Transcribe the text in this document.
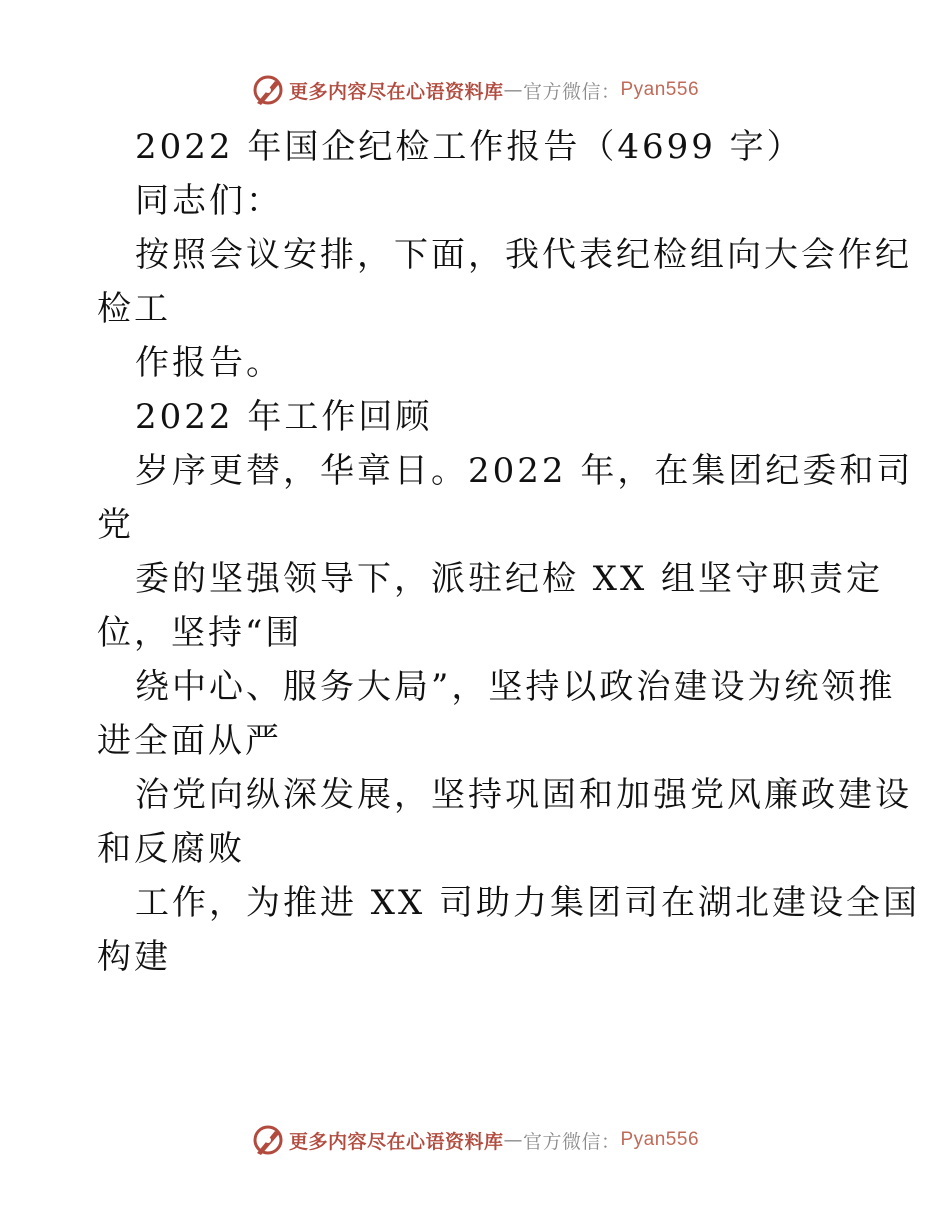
更多内容尽在心语资料库 — 官方微信： Pyan556
2022 年国企纪检工作报告（4699 字）
同志们：
按照会议安排，下面，我代表纪检组向大会作纪
检工
作报告。
2022 年工作回顾
岁序更替，华章日。2022 年，在集团纪委和司
党
委的坚强领导下，派驻纪检 XX 组坚守职责定
位，坚持“围
绕中心、服务大局”，坚持以政治建设为统领推
进全面从严
治党向纵深发展，坚持巩固和加强党风廉政建设
和反腐败
工作，为推进 XX 司助力集团司在湖北建设全国
构建
更多内容尽在心语资料库 — 官方微信： Pyan556
